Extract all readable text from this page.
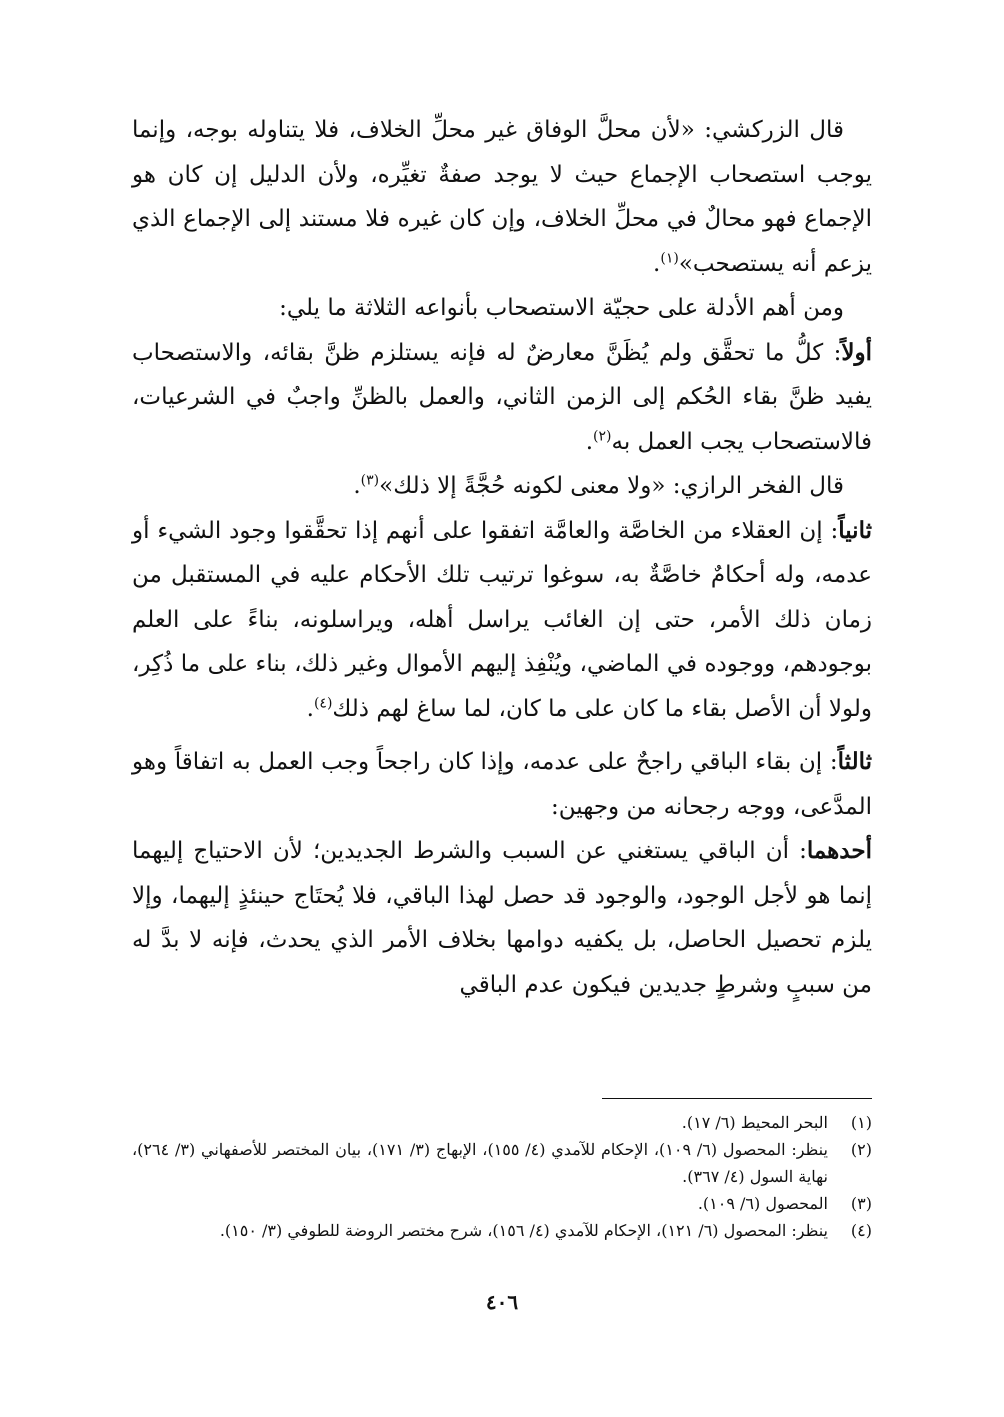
قال الزركشي: «لأن محلَّ الوفاق غير محلِّ الخلاف، فلا يتناوله بوجه، وإنما يوجب استصحاب الإجماع حيث لا يوجد صفةٌ تغيِّره، ولأن الدليل إن كان هو الإجماع فهو محالٌ في محلِّ الخلاف، وإن كان غيره فلا مستند إلى الإجماع الذي يزعم أنه يستصحب»$^{(١)}$.

ومن أهم الأدلة على حجيّة الاستصحاب بأنواعه الثلاثة ما يلي:

أولاً: كلُّ ما تحقَّق ولم يُظَنَّ معارضٌ له فإنه يستلزم ظنَّ بقائه، والاستصحاب يفيد ظنَّ بقاء الحُكم إلى الزمن الثاني، والعمل بالظنِّ واجبٌ في الشرعيات، فالاستصحاب يجب العمل به$^{(٢)}$.

قال الفخر الرازي: «ولا معنى لكونه حُجَّةً إلا ذلك»$^{(٣)}$.

ثانياً: إن العقلاء من الخاصَّة والعامَّة اتفقوا على أنهم إذا تحقَّقوا وجود الشيء أو عدمه، وله أحكامٌ خاصَّةٌ به، سوغوا ترتيب تلك الأحكام عليه في المستقبل من زمان ذلك الأمر، حتى إن الغائب يراسل أهله، ويراسلونه، بناءً على العلم بوجودهم، ووجوده في الماضي، ويُنْفِذ إليهم الأموال وغير ذلك، بناء على ما ذُكِر، ولولا أن الأصل بقاء ما كان على ما كان، لما ساغ لهم ذلك$^{(٤)}$.

ثالثاً: إن بقاء الباقي راجحٌ على عدمه، وإذا كان راجحاً وجب العمل به اتفاقاً وهو المدَّعى، ووجه رجحانه من وجهين:

أحدهما: أن الباقي يستغني عن السبب والشرط الجديدين؛ لأن الاحتياج إليهما إنما هو لأجل الوجود، والوجود قد حصل لهذا الباقي، فلا يُحتَاج حينئذٍ إليهما، وإلا يلزم تحصيل الحاصل، بل يكفيه دوامها بخلاف الأمر الذي يحدث، فإنه لا بدَّ له من سببٍ وشرطٍ جديدين فيكون عدم الباقي

(١)
البحر المحيط (٦/ ١٧).
(٢)
ينظر: المحصول (٦/ ١٠٩)، الإحكام للآمدي (٤/ ١٥٥)، الإبهاج (٣/ ١٧١)، بيان المختصر للأصفهاني (٣/ ٢٦٤)، نهاية السول (٤/ ٣٦٧).
(٣)
المحصول (٦/ ١٠٩).
(٤)
ينظر: المحصول (٦/ ١٢١)، الإحكام للآمدي (٤/ ١٥٦)، شرح مختصر الروضة للطوفي (٣/ ١٥٠).
٤٠٦
